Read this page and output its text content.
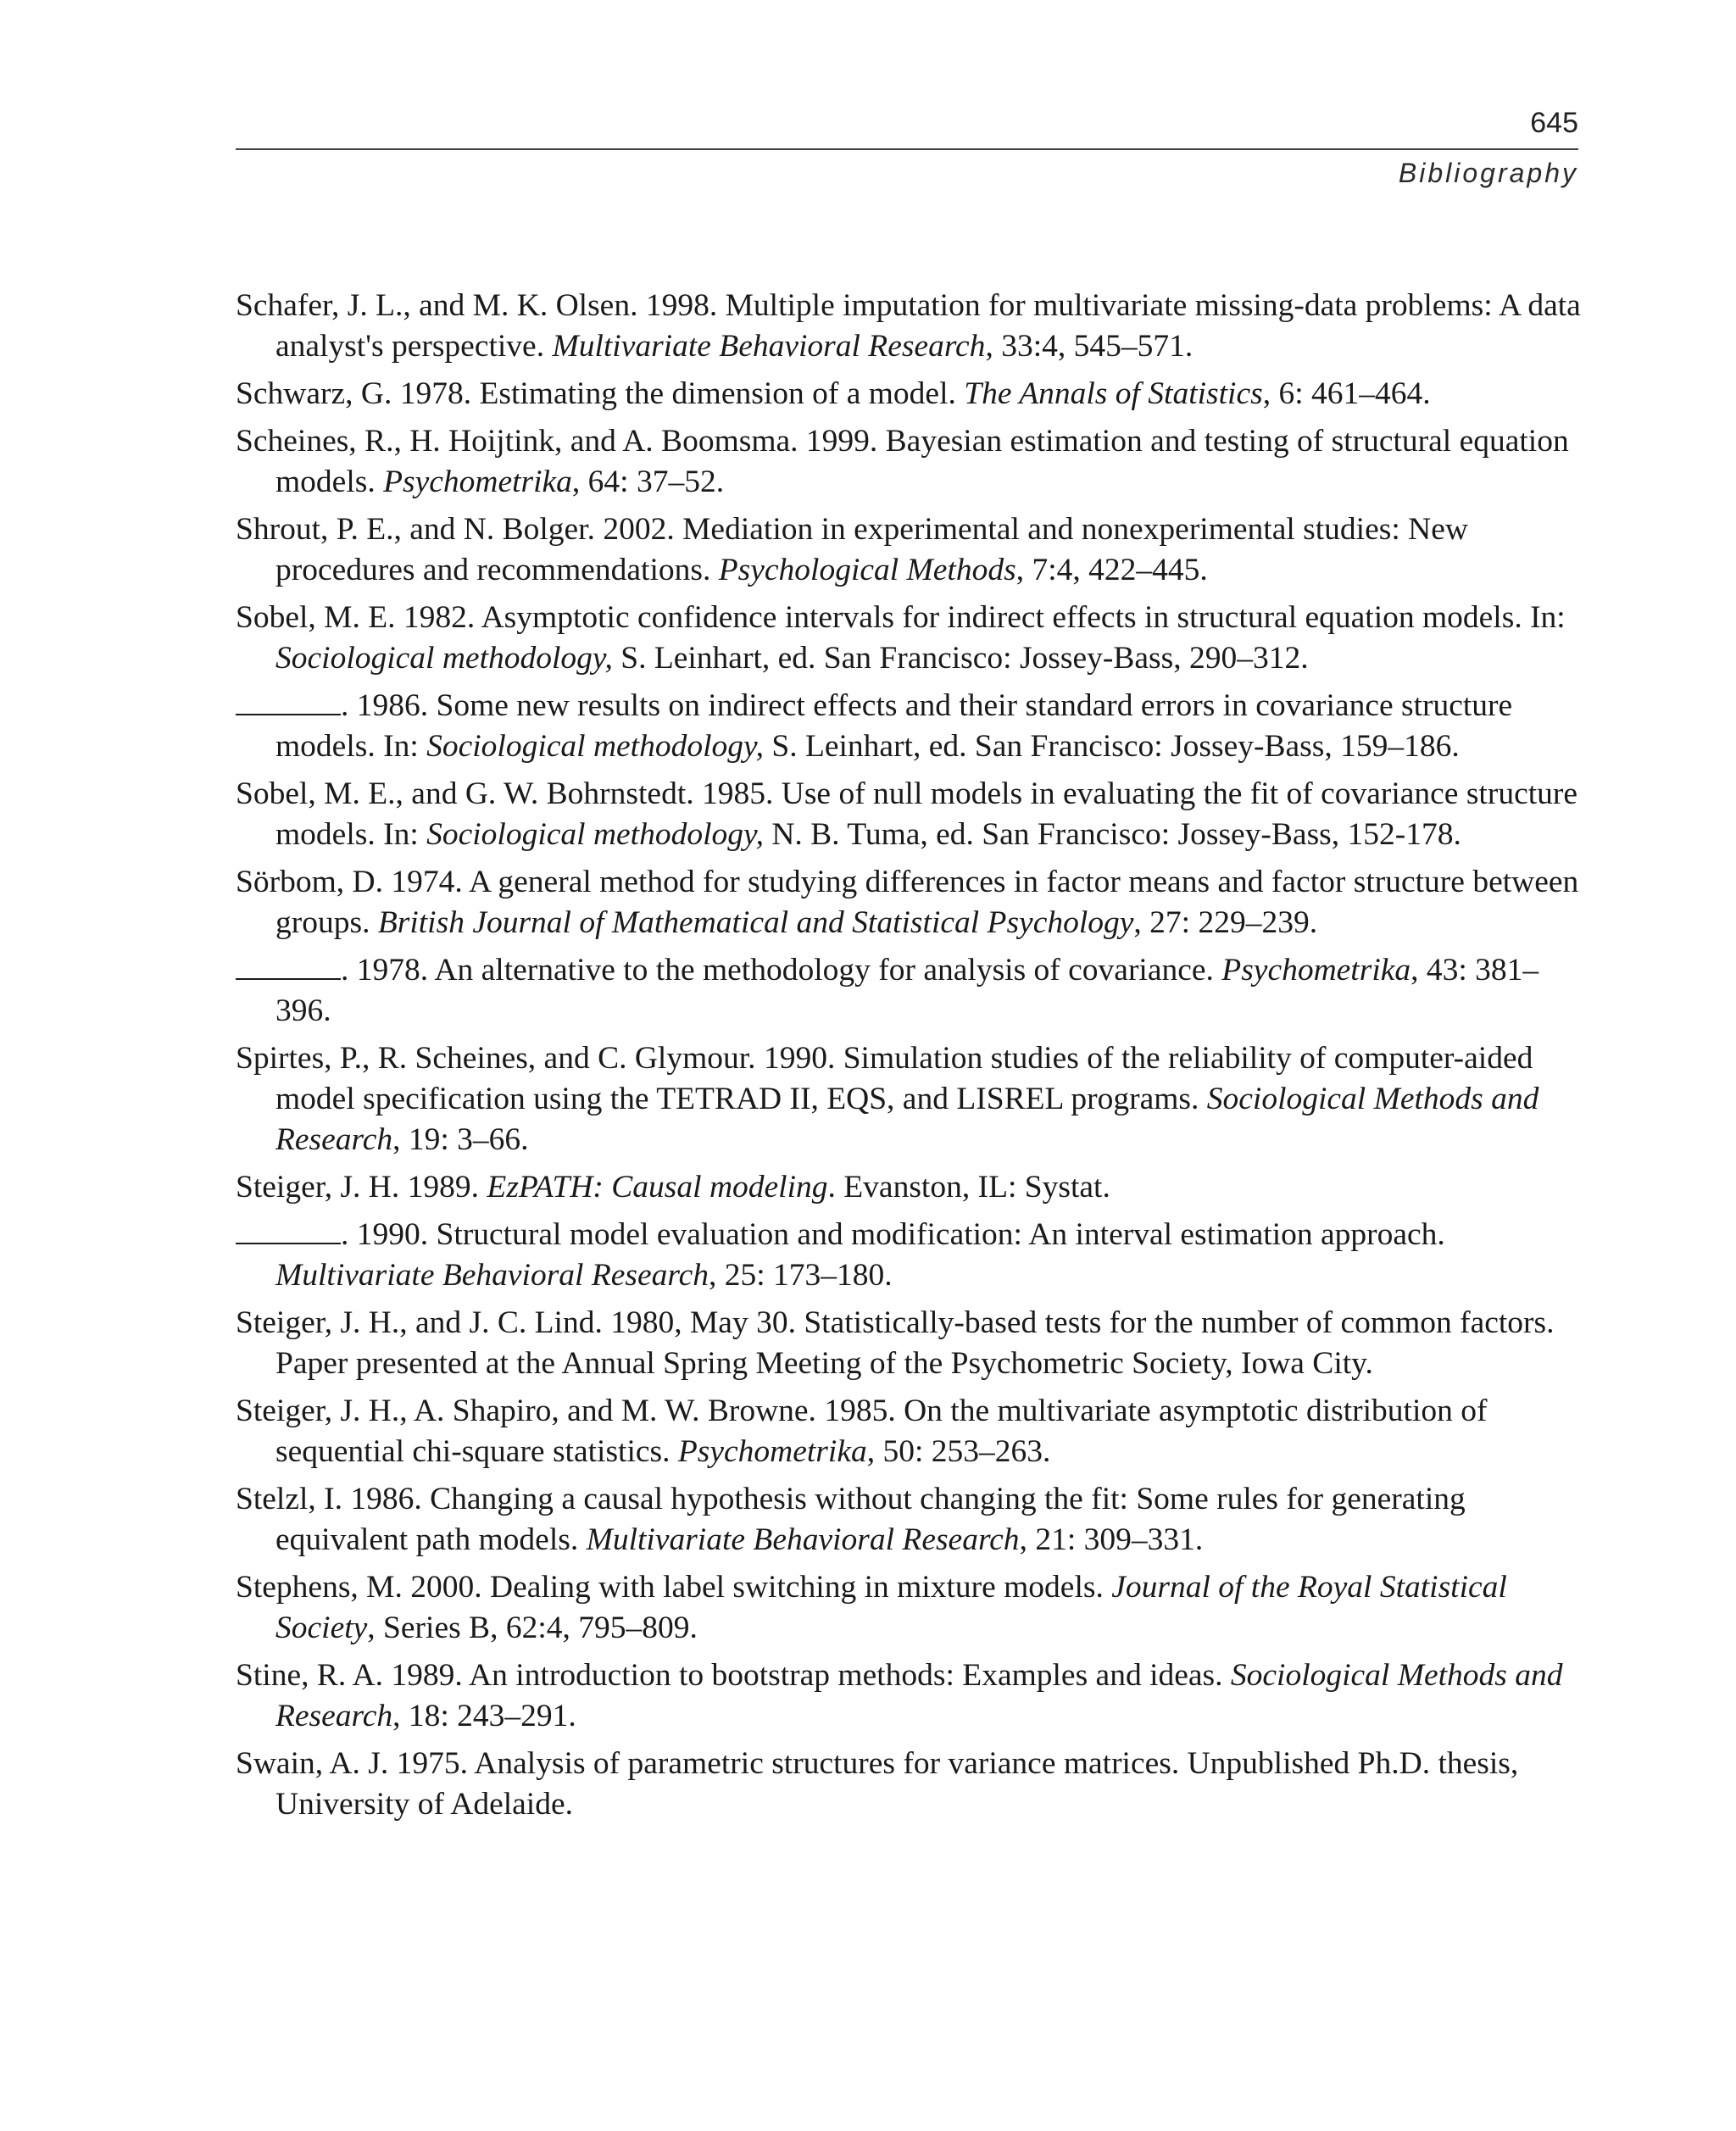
645
Bibliography
Schafer, J. L., and M. K. Olsen. 1998. Multiple imputation for multivariate missing-data problems: A data analyst's perspective. Multivariate Behavioral Research, 33:4, 545–571.
Schwarz, G. 1978. Estimating the dimension of a model. The Annals of Statistics, 6: 461–464.
Scheines, R., H. Hoijtink, and A. Boomsma. 1999. Bayesian estimation and testing of structural equation models. Psychometrika, 64: 37–52.
Shrout, P. E., and N. Bolger. 2002. Mediation in experimental and nonexperimental studies: New procedures and recommendations. Psychological Methods, 7:4, 422–445.
Sobel, M. E. 1982. Asymptotic confidence intervals for indirect effects in structural equation models. In: Sociological methodology, S. Leinhart, ed. San Francisco: Jossey-Bass, 290–312.
. 1986. Some new results on indirect effects and their standard errors in covariance structure models. In: Sociological methodology, S. Leinhart, ed. San Francisco: Jossey-Bass, 159–186.
Sobel, M. E., and G. W. Bohrnstedt. 1985. Use of null models in evaluating the fit of covariance structure models. In: Sociological methodology, N. B. Tuma, ed. San Francisco: Jossey-Bass, 152-178.
Sörbom, D. 1974. A general method for studying differences in factor means and factor structure between groups. British Journal of Mathematical and Statistical Psychology, 27: 229–239.
. 1978. An alternative to the methodology for analysis of covariance. Psychometrika, 43: 381–396.
Spirtes, P., R. Scheines, and C. Glymour. 1990. Simulation studies of the reliability of computer-aided model specification using the TETRAD II, EQS, and LISREL programs. Sociological Methods and Research, 19: 3–66.
Steiger, J. H. 1989. EzPATH: Causal modeling. Evanston, IL: Systat.
. 1990. Structural model evaluation and modification: An interval estimation approach. Multivariate Behavioral Research, 25: 173–180.
Steiger, J. H., and J. C. Lind. 1980, May 30. Statistically-based tests for the number of common factors. Paper presented at the Annual Spring Meeting of the Psychometric Society, Iowa City.
Steiger, J. H., A. Shapiro, and M. W. Browne. 1985. On the multivariate asymptotic distribution of sequential chi-square statistics. Psychometrika, 50: 253–263.
Stelzl, I. 1986. Changing a causal hypothesis without changing the fit: Some rules for generating equivalent path models. Multivariate Behavioral Research, 21: 309–331.
Stephens, M. 2000. Dealing with label switching in mixture models. Journal of the Royal Statistical Society, Series B, 62:4, 795–809.
Stine, R. A. 1989. An introduction to bootstrap methods: Examples and ideas. Sociological Methods and Research, 18: 243–291.
Swain, A. J. 1975. Analysis of parametric structures for variance matrices. Unpublished Ph.D. thesis, University of Adelaide.
